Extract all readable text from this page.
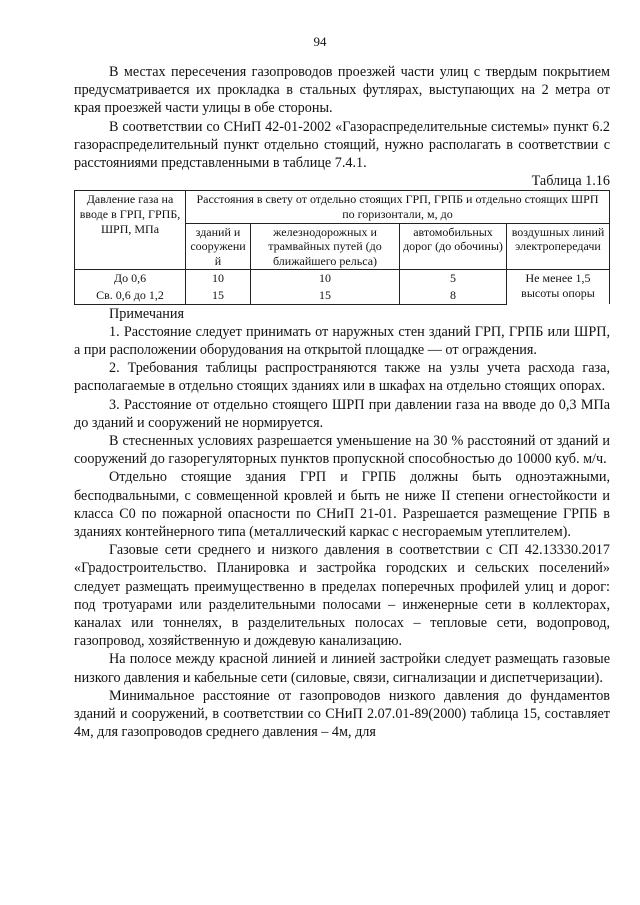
94

В местах пересечения газопроводов проезжей части улиц с твердым покрытием предусматривается их прокладка в стальных футлярах, выступающих на 2 метра от края проезжей части улицы в обе стороны.

В соответствии со СНиП 42-01-2002 «Газораспределительные системы» пункт 6.2 газораспределительный пункт отдельно стоящий, нужно располагать в соответствии с расстояниями представленными в таблице 7.4.1.

Таблица 1.16

Давление газа на вводе в ГРП, ГРПБ, ШРП, МПа	Расстояния в свету от отдельно стоящих ГРП, ГРПБ и отдельно стоящих ШРП по горизонтали, м, до			
	зданий и сооружени й	железнодорожных и трамвайных путей (до ближайшего рельса)	автомобильных дорог (до обочины)	воздушных линий электропередачи
До 0,6	10	10	5	Не менее 1,5 высоты опоры
Св. 0,6 до 1,2	15	15	8	

Примечания

1. Расстояние следует принимать от наружных стен зданий ГРП, ГРПБ или ШРП, а при расположении оборудования на открытой площадке — от ограждения.

2. Требования таблицы распространяются также на узлы учета расхода газа, располагаемые в отдельно стоящих зданиях или в шкафах на отдельно стоящих опорах.

3. Расстояние от отдельно стоящего ШРП при давлении газа на вводе до 0,3 МПа до зданий и сооружений не нормируется.

В стесненных условиях разрешается уменьшение на 30 % расстояний от зданий и сооружений до газорегуляторных пунктов пропускной способностью до 10000 куб. м/ч.

Отдельно стоящие здания ГРП и ГРПБ должны быть одноэтажными, бесподвальными, с совмещенной кровлей и быть не ниже II степени огнестойкости и класса С0 по пожарной опасности по СНиП 21-01. Разрешается размещение ГРПБ в зданиях контейнерного типа (металлический каркас с несгораемым утеплителем).

Газовые сети среднего и низкого давления в соответствии с СП 42.13330.2017 «Градостроительство. Планировка и застройка городских и сельских поселений» следует размещать преимущественно в пределах поперечных профилей улиц и дорог: под тротуарами или разделительными полосами – инженерные сети в коллекторах, каналах или тоннелях, в разделительных полосах – тепловые сети, водопровод, газопровод, хозяйственную и дождевую канализацию.

На полосе между красной линией и линией застройки следует размещать газовые низкого давления и кабельные сети (силовые, связи, сигнализации и диспетчеризации).

Минимальное расстояние от газопроводов низкого давления до фундаментов зданий и сооружений, в соответствии со СНиП 2.07.01-89(2000) таблица 15, составляет 4м, для газопроводов среднего давления – 4м, для
